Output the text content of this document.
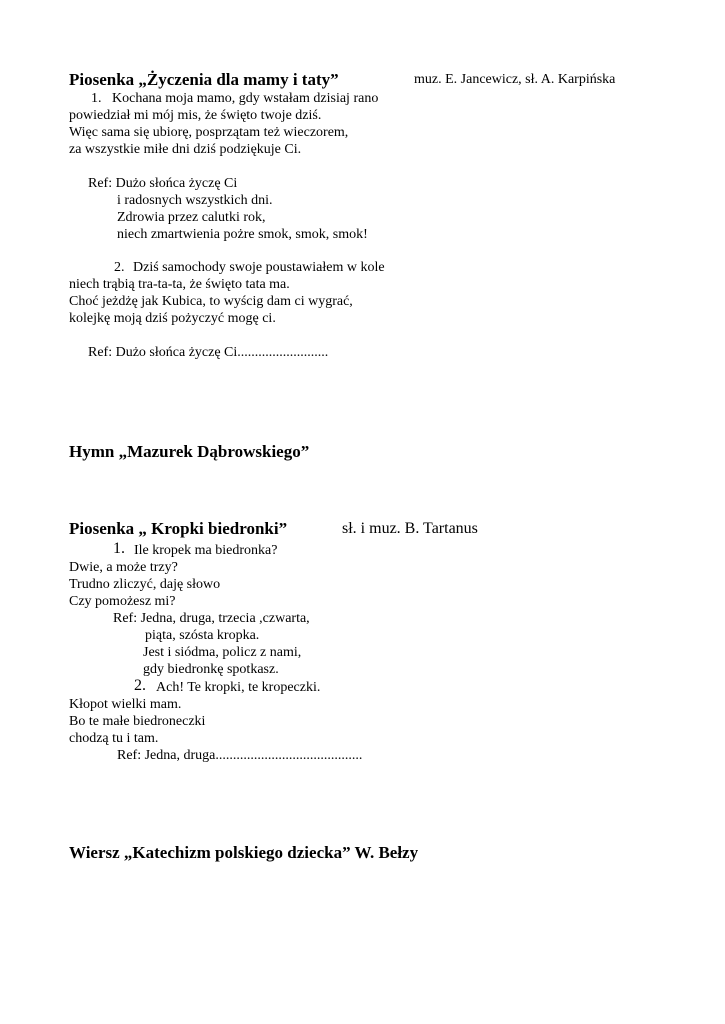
Piosenka „Życzenia dla mamy i taty”	muz. E. Jancewicz, sł. A. Karpińska
1. Kochana moja mamo, gdy wstałam dzisiaj rano
powiedział mi mój mis, że święto twoje dziś.
Więc sama się ubiorę, posprzątam też wieczorem,
za wszystkie miłe dni dziś podziękuje Ci.
Ref: Dużo słońca życzę Ci
i radosnych wszystkich dni.
Zdrowia przez calutki rok,
niech zmartwienia pożre smok, smok, smok!
2. Dziś samochody swoje poustawiałem w kole
niech trąbią tra-ta-ta, że święto tata ma.
Choć jeżdżę jak Kubica, to wyścig dam ci wygrać,
kolejkę moją dziś pożyczyć mogę ci.
Ref: Dużo słońca życzę Ci..........................
Hymn „Mazurek Dąbrowskiego”
Piosenka „ Kropki biedronki”	sł. i muz. B. Tartanus
1. Ile kropek ma biedronka?
Dwie, a może trzy?
Trudno zliczyć, daję słowo
Czy pomożesz mi?
Ref: Jedna, druga, trzecia ,czwarta,
piąta, szósta kropka.
Jest i siódma, policz z nami,
gdy biedronkę spotkasz.
2. Ach! Te kropki, te kropeczki.
Kłopot wielki mam.
Bo te małe biedroneczki
chodzą tu i tam.
Ref: Jedna, druga..........................................
Wiersz „Katechizm polskiego dziecka” W. Bełzy
